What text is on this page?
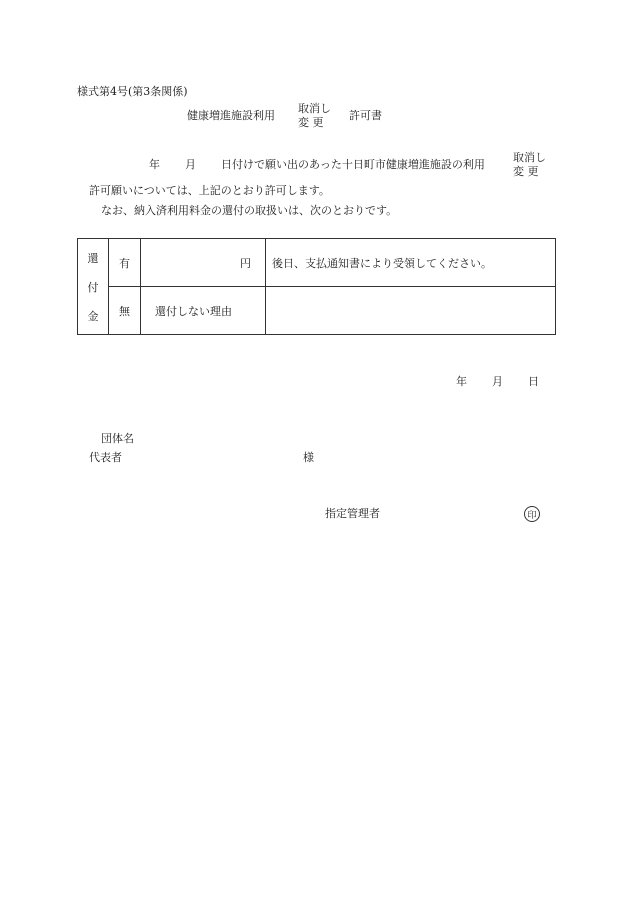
様式第4号(第3条関係)
健康増進施設利用
取消し
変 更
許可書
年 月 日付けで願い出のあった十日町市健康増進施設の利用
取消し
変 更
許可願いについては、上記のとおり許可します。
なお、納入済利用料金の還付の取扱いは、次のとおりです。
還
付
金	有	円	後日、支払通知書により受領してください。
	無	還付しない理由	
年 月 日
団体名
代表者	様
指定管理者	印
